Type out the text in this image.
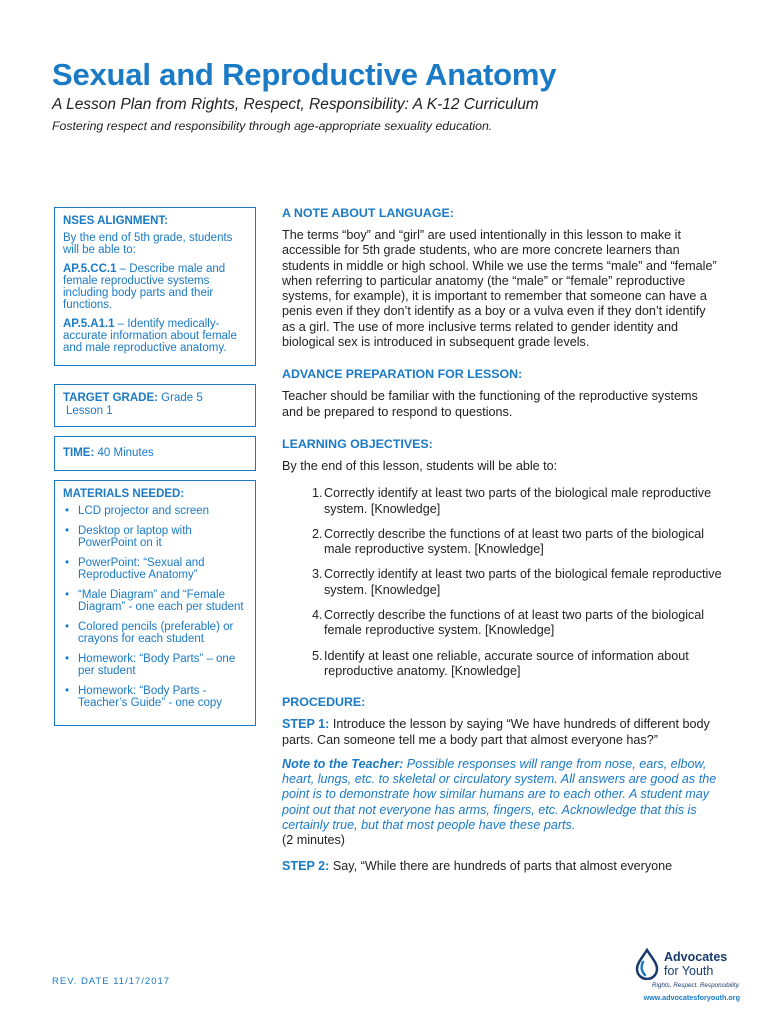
Sexual and Reproductive Anatomy
A Lesson Plan from Rights, Respect, Responsibility: A K-12 Curriculum
Fostering respect and responsibility through age-appropriate sexuality education.
NSES ALIGNMENT:
By the end of 5th grade, students will be able to:
AP.5.CC.1 – Describe male and female reproductive systems including body parts and their functions.
AP.5.A1.1 – Identify medically-accurate information about female and male reproductive anatomy.
TARGET GRADE: Grade 5
Lesson 1
TIME: 40 Minutes
MATERIALS NEEDED:
• LCD projector and screen
• Desktop or laptop with PowerPoint on it
• PowerPoint: “Sexual and Reproductive Anatomy”
• “Male Diagram” and “Female Diagram” - one each per student
• Colored pencils (preferable) or crayons for each student
• Homework: “Body Parts” – one per student
• Homework: “Body Parts - Teacher’s Guide” - one copy
A NOTE ABOUT LANGUAGE:
The terms “boy” and “girl” are used intentionally in this lesson to make it accessible for 5th grade students, who are more concrete learners than students in middle or high school. While we use the terms “male” and “female” when referring to particular anatomy (the “male” or “female” reproductive systems, for example), it is important to remember that someone can have a penis even if they don’t identify as a boy or a vulva even if they don’t identify as a girl. The use of more inclusive terms related to gender identity and biological sex is introduced in subsequent grade levels.
ADVANCE PREPARATION FOR LESSON:
Teacher should be familiar with the functioning of the reproductive systems and be prepared to respond to questions.
LEARNING OBJECTIVES:
By the end of this lesson, students will be able to:
1. Correctly identify at least two parts of the biological male reproductive system. [Knowledge]
2. Correctly describe the functions of at least two parts of the biological male reproductive system. [Knowledge]
3. Correctly identify at least two parts of the biological female reproductive system. [Knowledge]
4. Correctly describe the functions of at least two parts of the biological female reproductive system. [Knowledge]
5. Identify at least one reliable, accurate source of information about reproductive anatomy. [Knowledge]
PROCEDURE:
STEP 1: Introduce the lesson by saying “We have hundreds of different body parts. Can someone tell me a body part that almost everyone has?”
Note to the Teacher: Possible responses will range from nose, ears, elbow, heart, lungs, etc. to skeletal or circulatory system. All answers are good as the point is to demonstrate how similar humans are to each other. A student may point out that not everyone has arms, fingers, etc. Acknowledge that this is certainly true, but that most people have these parts.
(2 minutes)
STEP 2: Say, “While there are hundreds of parts that almost everyone
REV. DATE 11/17/2017
Advocates
for Youth
Rights. Respect. Responsibility.
www.advocatesforyouth.org
